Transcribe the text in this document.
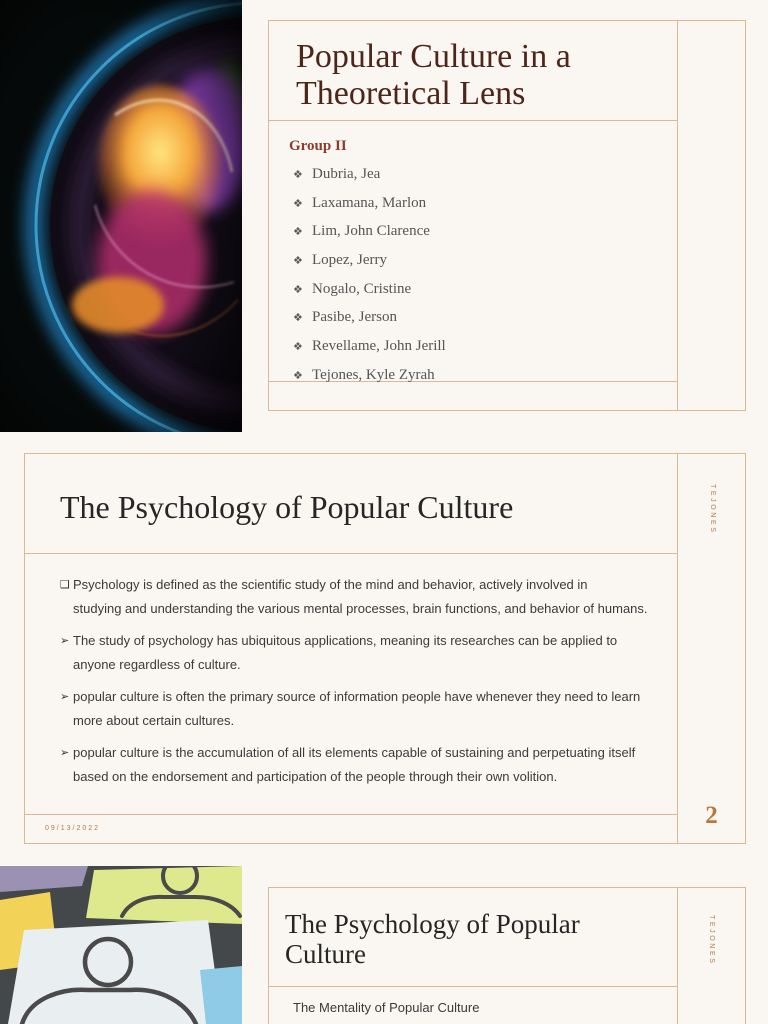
Popular Culture in a Theoretical Lens
Group II
❖ Dubria, Jea
❖ Laxamana, Marlon
❖ Lim, John Clarence
❖ Lopez, Jerry
❖ Nogalo, Cristine
❖ Pasibe, Jerson
❖ Revellame, John Jerill
❖ Tejones, Kyle Zyrah
The Psychology of Popular Culture	TEJONES
❑ Psychology is defined as the scientific study of the mind and behavior, actively involved in
studying and understanding the various mental processes, brain functions, and behavior of humans.
➢ The study of psychology has ubiquitous applications, meaning its researches can be applied to
anyone regardless of culture.
➢ popular culture is often the primary source of information people have whenever they need to learn
more about certain cultures.
➢ popular culture is the accumulation of all its elements capable of sustaining and perpetuating itself
based on the endorsement and participation of the people through their own volition.
09/13/2022	2
The Psychology of Popular Culture	TEJONES
The Mentality of Popular Culture
